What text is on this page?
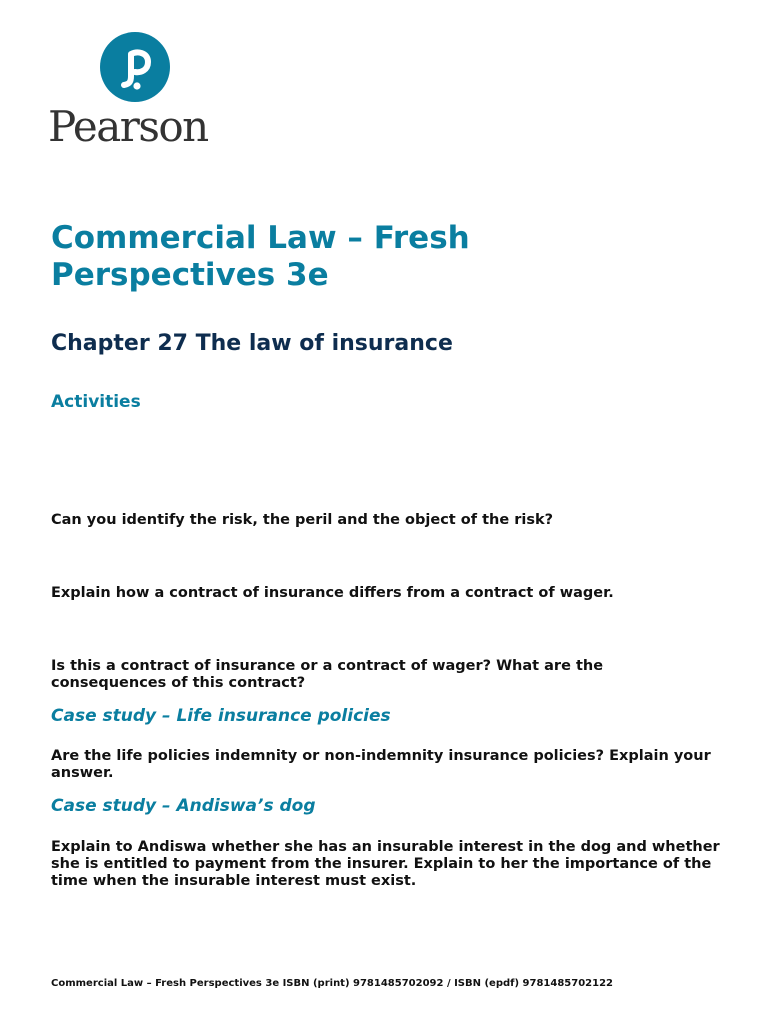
Pearson
Commercial Law – Fresh Perspectives 3e
Chapter 27 The law of insurance
Activities

Can you identify the risk, the peril and the object of the risk?

Explain how a contract of insurance differs from a contract of wager.

Is this a contract of insurance or a contract of wager? What are the consequences of this contract?

Case study – Life insurance policies

Are the life policies indemnity or non-indemnity insurance policies? Explain your answer.

Case study – Andiswa’s dog

Explain to Andiswa whether she has an insurable interest in the dog and whether she is entitled to payment from the insurer. Explain to her the importance of the time when the insurable interest must exist.

Commercial Law – Fresh Perspectives 3e ISBN (print) 9781485702092 / ISBN (epdf) 9781485702122
